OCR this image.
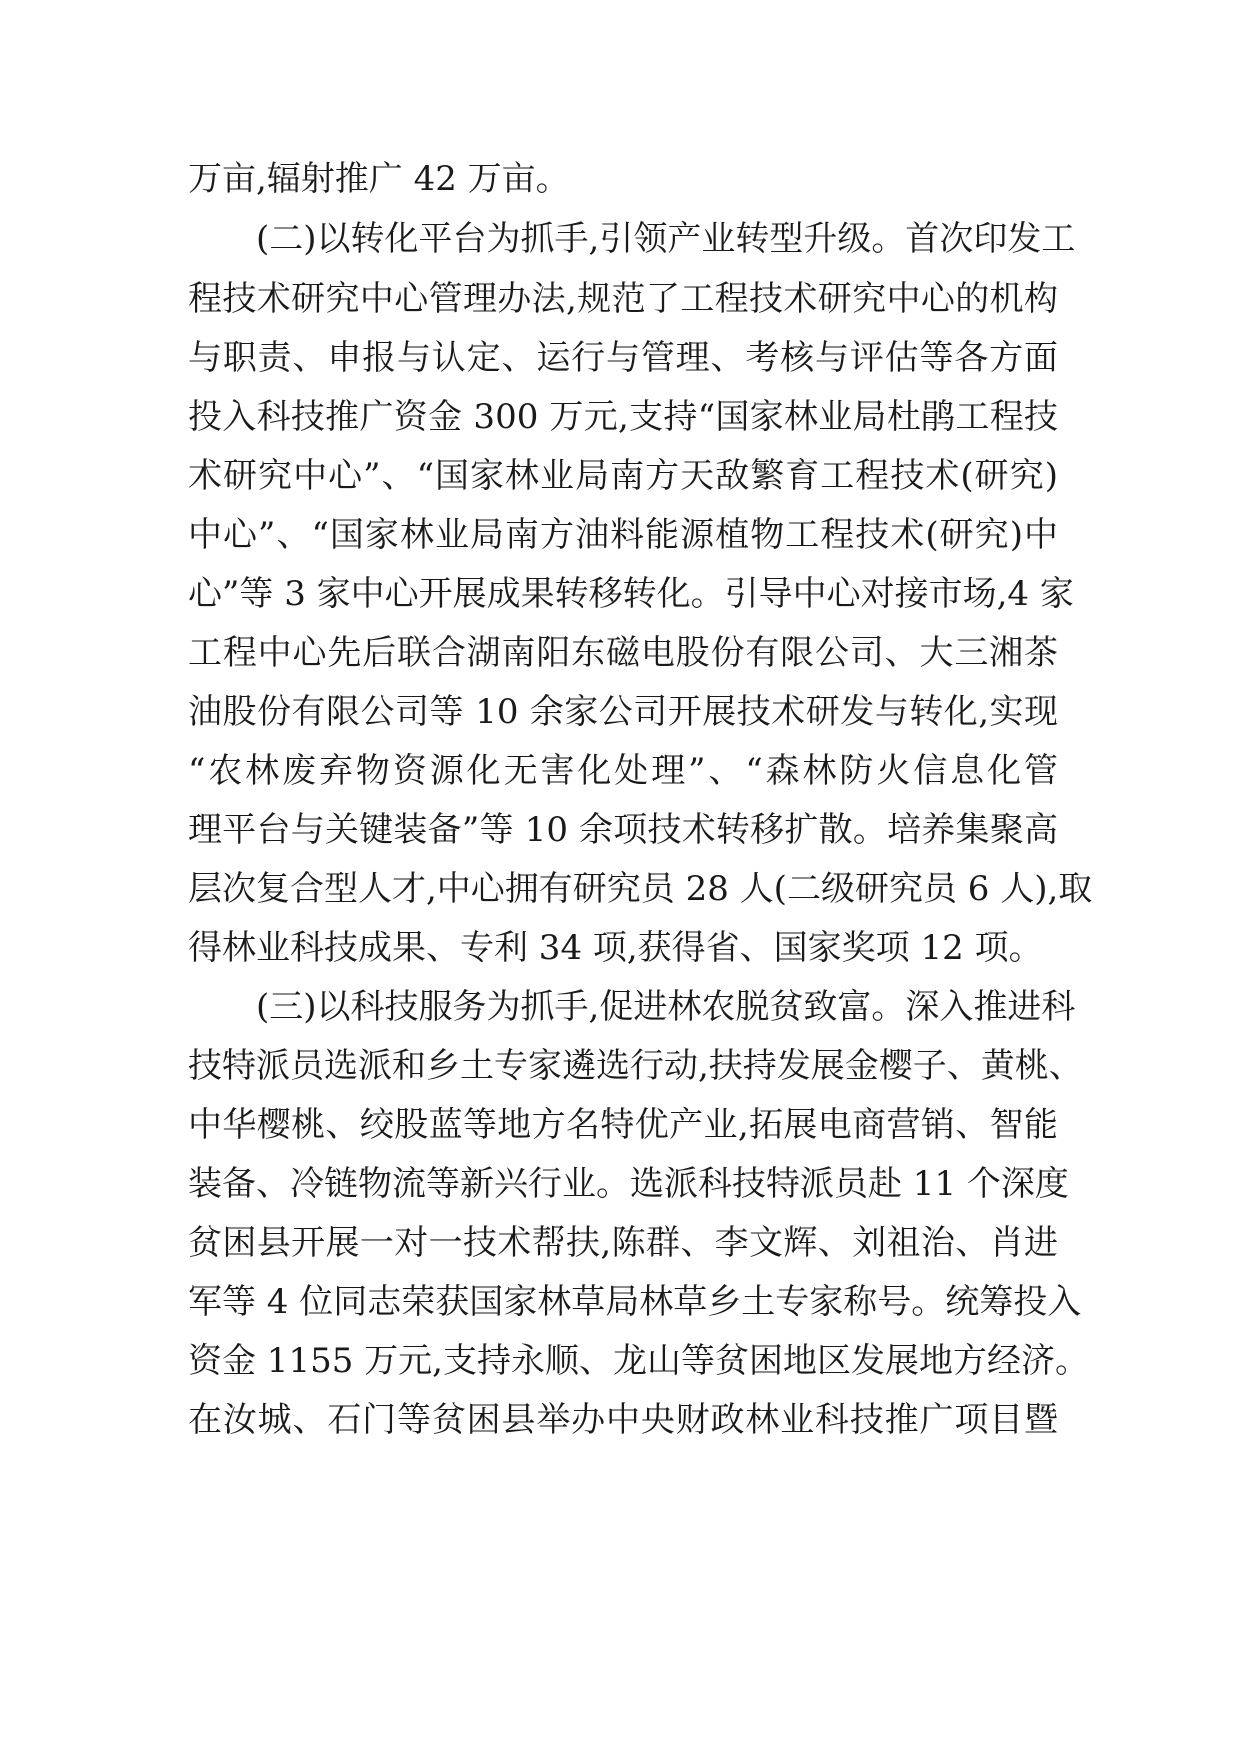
万亩,辐射推广 42 万亩。
(二)以转化平台为抓手,引领产业转型升级。首次印发工
程技术研究中心管理办法,规范了工程技术研究中心的机构
与职责、申报与认定、运行与管理、考核与评估等各方面
投入科技推广资金 300 万元,支持“国家林业局杜鹃工程技
术研究中心”、“国家林业局南方天敌繁育工程技术(研究)
中心”、“国家林业局南方油料能源植物工程技术(研究)中
心”等 3 家中心开展成果转移转化。引导中心对接市场,4 家
工程中心先后联合湖南阳东磁电股份有限公司、大三湘茶
油股份有限公司等 10 余家公司开展技术研发与转化,实现
“农林废弃物资源化无害化处理”、“森林防火信息化管
理平台与关键装备”等 10 余项技术转移扩散。培养集聚高
层次复合型人才,中心拥有研究员 28 人(二级研究员 6 人),取
得林业科技成果、专利 34 项,获得省、国家奖项 12 项。
(三)以科技服务为抓手,促进林农脱贫致富。深入推进科
技特派员选派和乡土专家遴选行动,扶持发展金樱子、黄桃、
中华樱桃、绞股蓝等地方名特优产业,拓展电商营销、智能
装备、冷链物流等新兴行业。选派科技特派员赴 11 个深度
贫困县开展一对一技术帮扶,陈群、李文辉、刘祖治、肖进
军等 4 位同志荣获国家林草局林草乡土专家称号。统筹投入
资金 1155 万元,支持永顺、龙山等贫困地区发展地方经济。
在汝城、石门等贫困县举办中央财政林业科技推广项目暨
